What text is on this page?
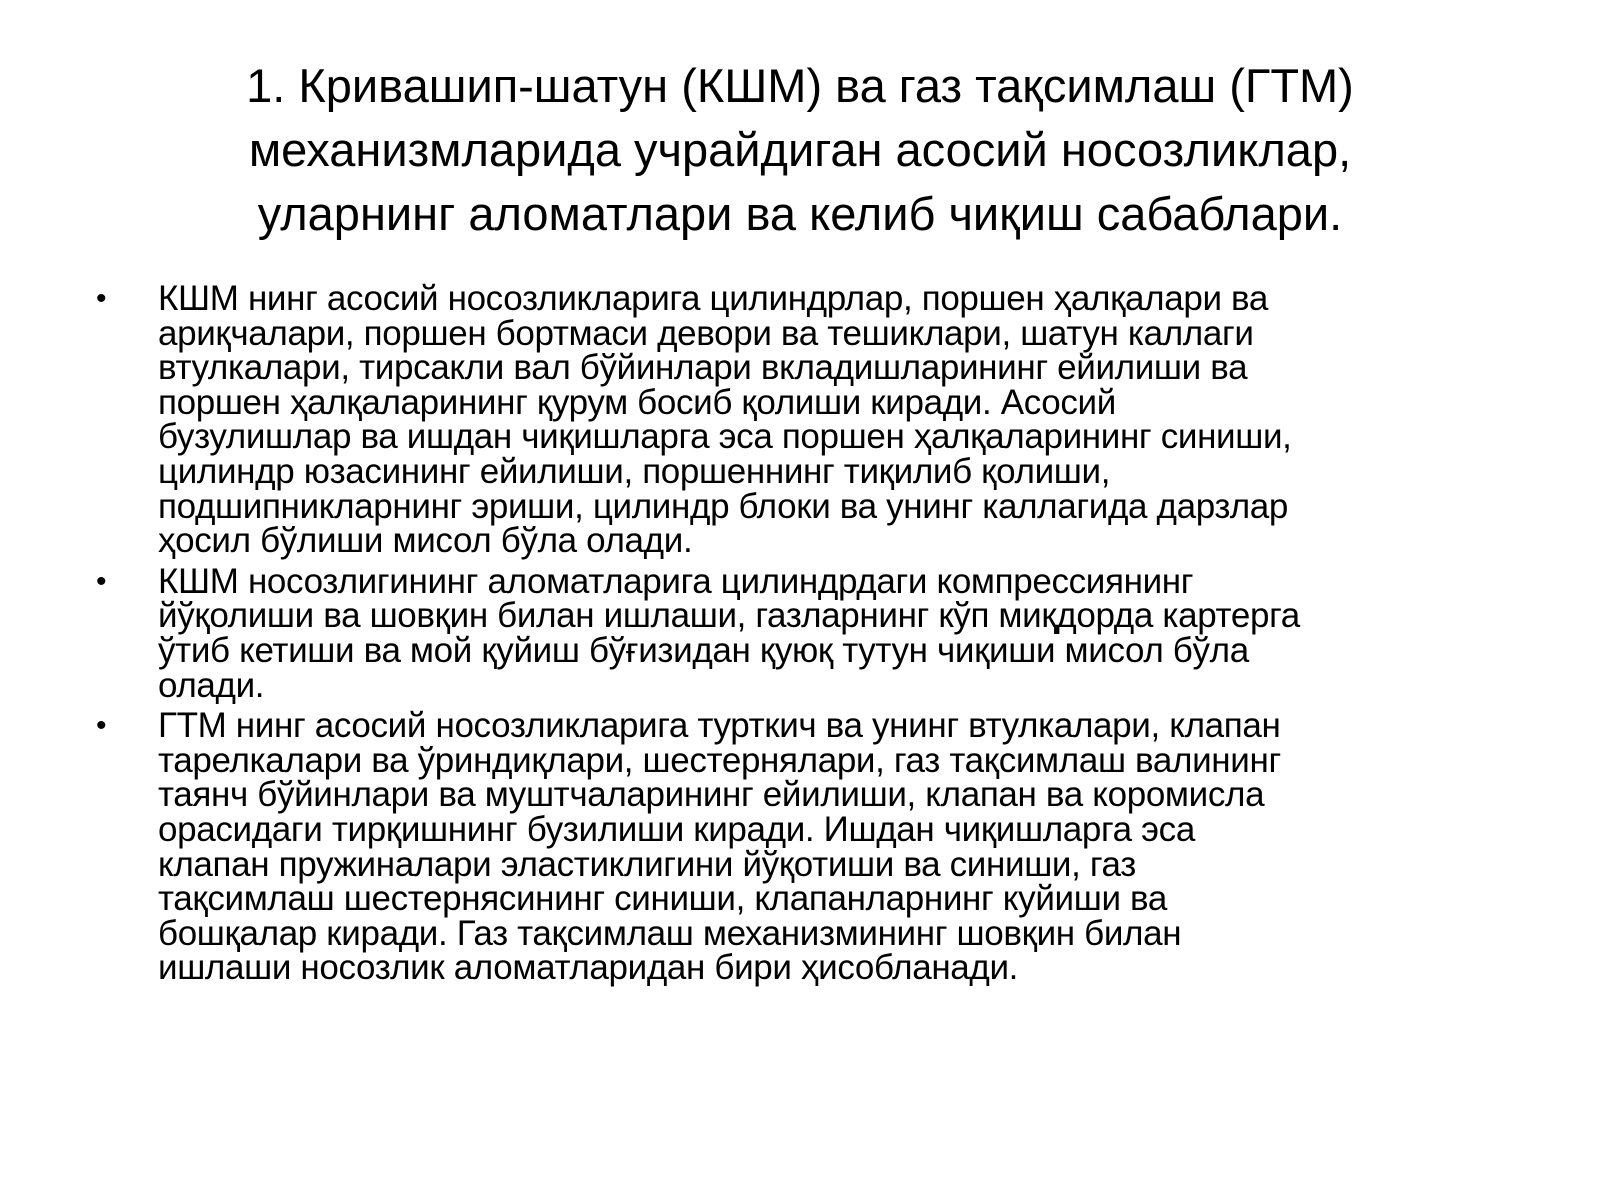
1. Кривашип-шатун (КШМ) ва газ тақсимлаш (ГТМ)
механизмларида учрайдиган асосий носозликлар,
уларнинг аломатлари ва келиб чиқиш сабаблари.
• КШМ нинг асосий носозликларига цилиндрлар, поршен ҳалқалари ва
ариқчалари, поршен бортмаси девори ва тешиклари, шатун каллаги
втулкалари, тирсакли вал бўйинлари вкладишларининг ейилиши ва
поршен ҳалқаларининг қурум босиб қолиши киради. Асосий
бузулишлар ва ишдан чиқишларга эса поршен ҳалқаларининг синиши,
цилиндр юзасининг ейилиши, поршеннинг тиқилиб қолиши,
подшипникларнинг эриши, цилиндр блоки ва унинг каллагида дарзлар
ҳосил бўлиши мисол бўла олади.
• КШМ носозлигининг аломатларига цилиндрдаги компрессиянинг
йўқолиши ва шовқин билан ишлаши, газларнинг кўп миқдорда картерга
ўтиб кетиши ва мой қуйиш бўғизидан қуюқ тутун чиқиши мисол бўла
олади.
• ГТМ нинг асосий носозликларига турткич ва унинг втулкалари, клапан
тарелкалари ва ўриндиқлари, шестернялари, газ тақсимлаш валининг
таянч бўйинлари ва муштчаларининг ейилиши, клапан ва коромисла
орасидаги тирқишнинг бузилиши киради. Ишдан чиқишларга эса
клапан пружиналари эластиклигини йўқотиши ва синиши, газ
тақсимлаш шестернясининг синиши, клапанларнинг куйиши ва
бошқалар киради. Газ тақсимлаш механизмининг шовқин билан
ишлаши носозлик аломатларидан бири ҳисобланади.
